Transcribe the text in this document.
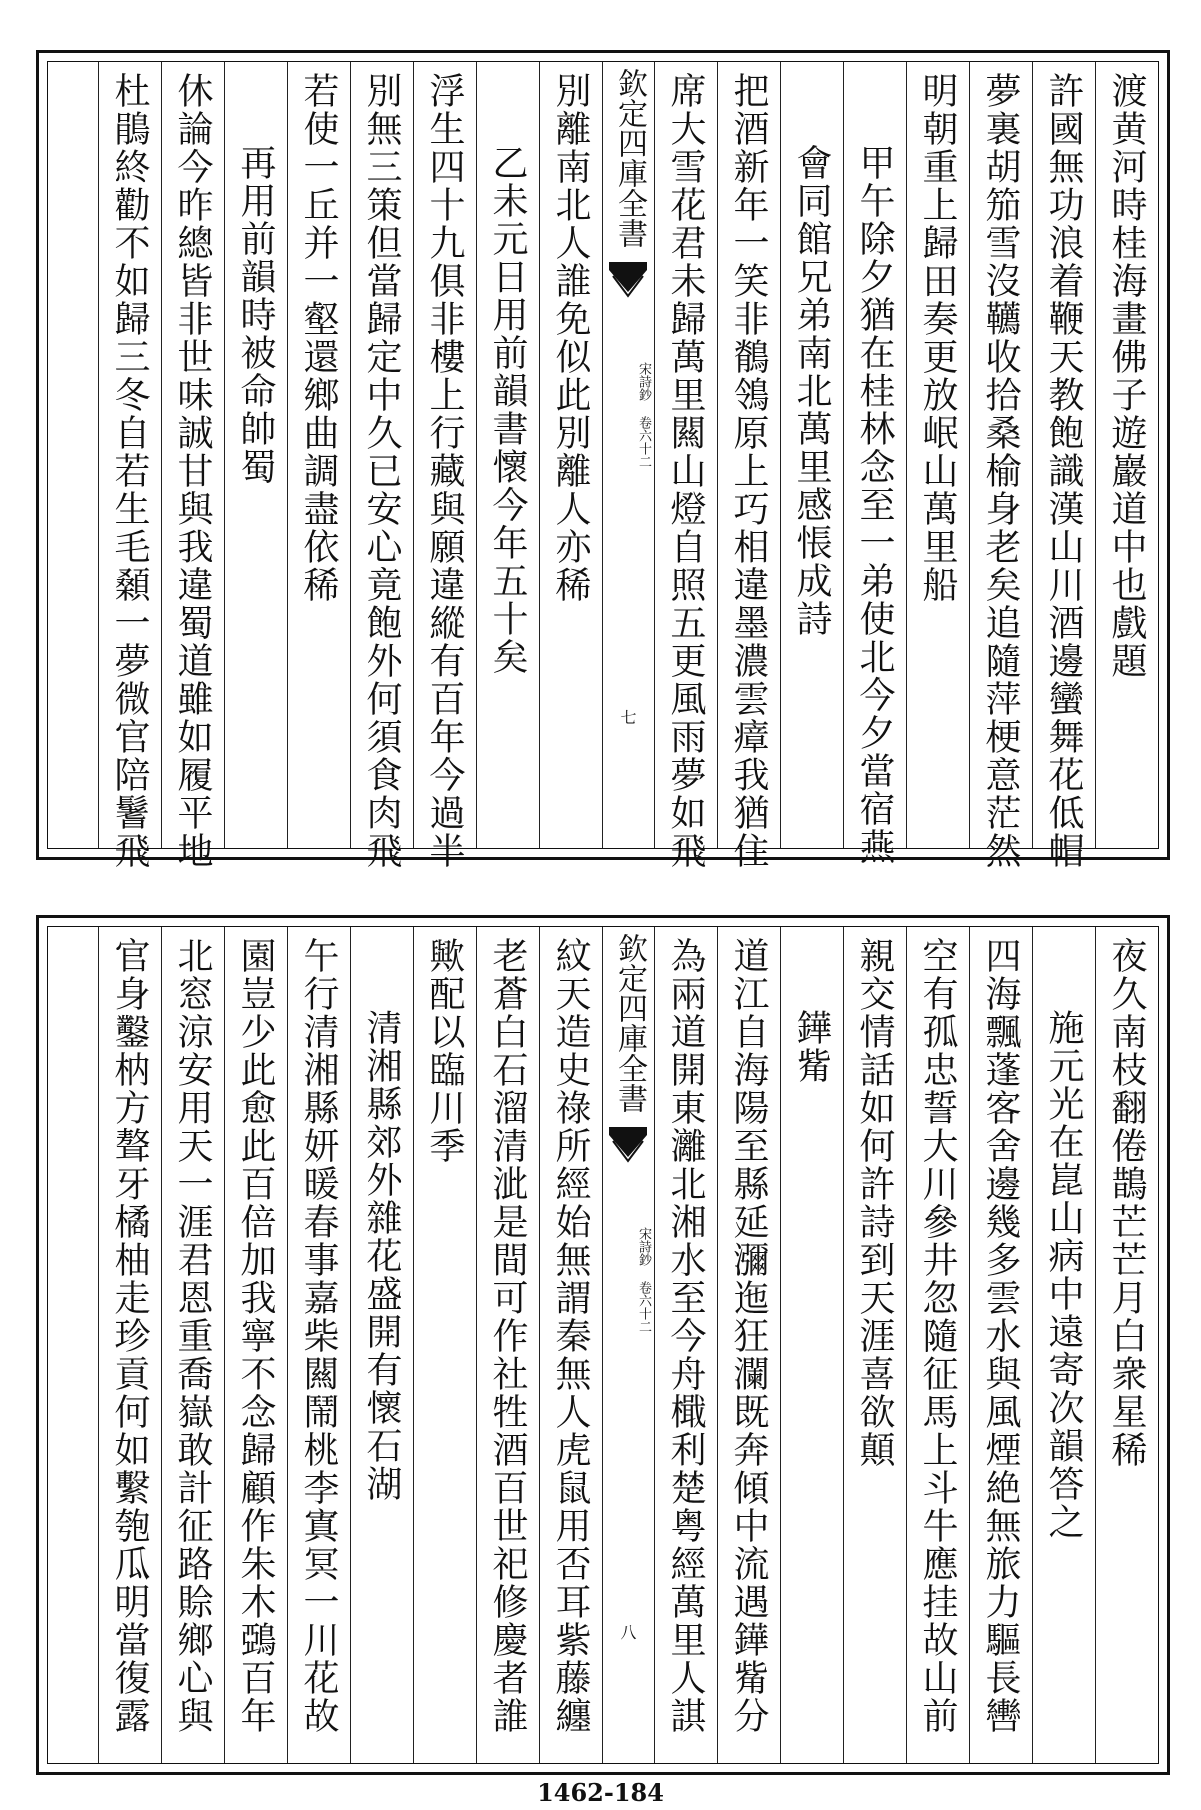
渡黄河時桂海畫佛子遊巖道中也戲題
許國無功浪着鞭天教飽識漢山川酒邊蠻舞花低帽
夢裏胡笳雪沒韉收拾桑榆身老矣追隨萍梗意茫然
明朝重上歸田奏更放岷山萬里船
甲午除夕猶在桂林念至一弟使北今夕當宿燕
會同館兄弟南北萬里感悵成詩
把酒新年一笑非鶺鴒原上巧相違墨濃雲瘴我猶住
席大雪花君未歸萬里闗山燈自照五更風雨夢如飛
欽定四庫全書
宋詩鈔 卷六十二
七
別離南北人誰免似此別離人亦稀
乙未元日用前韻書懷今年五十矣
浮生四十九俱非樓上行藏與願違縱有百年今過半
別無三策但當歸定中久已安心竟飽外何須食肉飛
若使一丘并一壑還鄉曲調盡依稀
再用前韻時被命帥蜀
休論今昨總皆非世味誠甘與我違蜀道雖如履平地
杜鵑終勸不如歸三冬自若生毛顙一夢微官陪鬐飛
夜久南枝翻倦鵲芒芒月白衆星稀
施元光在崑山病中遠寄次韻答之
四海飄蓬客舍邊幾多雲水與風煙絶無旅力驅長轡
空有孤忠誓大川參井忽隨征馬上斗牛應挂故山前
親交情話如何許詩到天涯喜欲顛
鏵觜
道江自海陽至縣延瀰迤狂瀾既奔傾中流遇鏵觜分
為兩道開東灕北湘水至今舟檝利楚粤經萬里人諆
欽定四庫全書
宋詩鈔 卷六十二
八
紋天造史祿所經始無謂秦無人虎鼠用否耳紫藤纏
老蒼白石溜清泚是間可作社牲酒百世祀修慶者誰
歟配以臨川季
清湘縣郊外雜花盛開有懷石湖
午行清湘縣妍暖春事嘉柴闗鬧桃李寘冥一川花故
園豈少此愈此百倍加我寧不念歸顧作朱木鵶百年
北窓涼安用天一涯君恩重喬嶽敢計征路賒鄉心與
官身鑿枘方聱牙橘柚走珍貢何如繫匏瓜明當復露
1462-184
